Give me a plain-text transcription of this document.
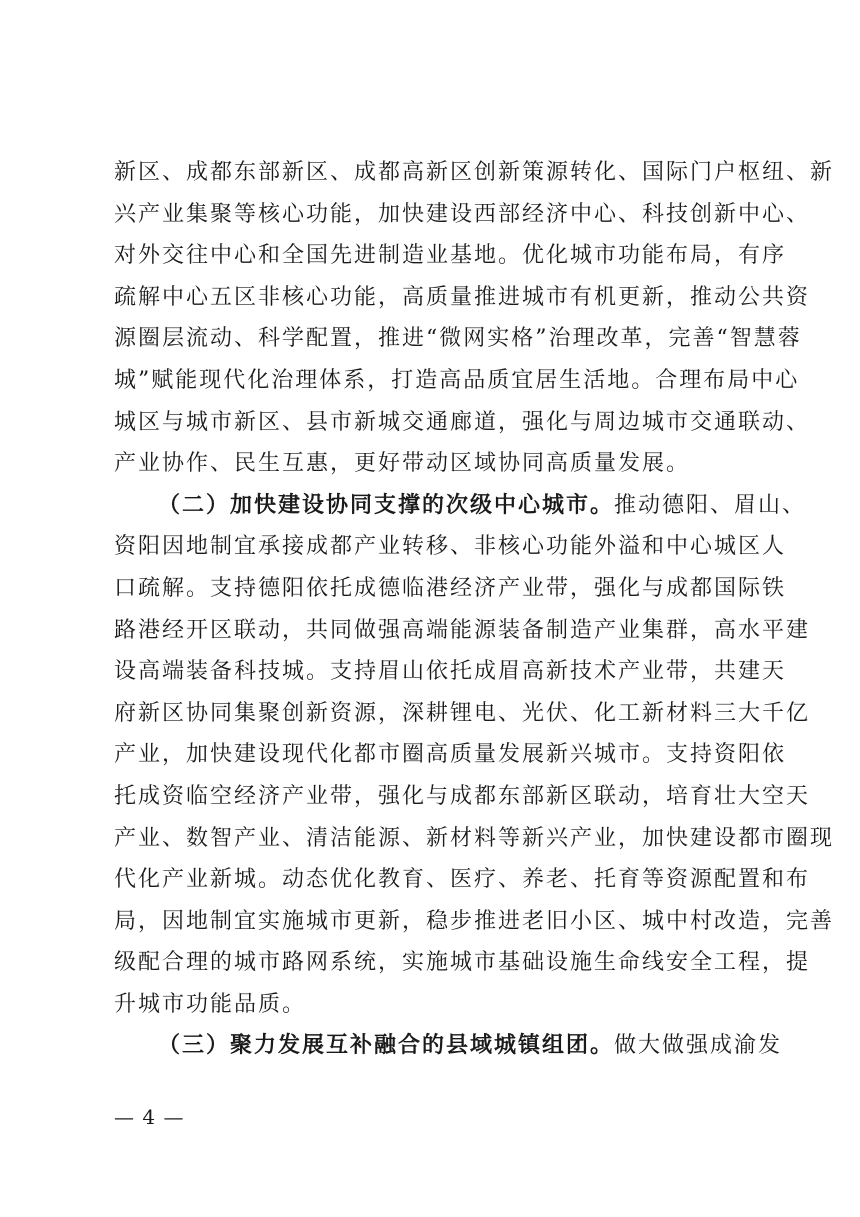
新区、成都东部新区、成都高新区创新策源转化、国际门户枢纽、新
兴产业集聚等核心功能，加快建设西部经济中心、科技创新中心、
对外交往中心和全国先进制造业基地。优化城市功能布局，有序
疏解中心五区非核心功能，高质量推进城市有机更新，推动公共资
源圈层流动、科学配置，推进“微网实格”治理改革，完善“智慧蓉
城”赋能现代化治理体系，打造高品质宜居生活地。合理布局中心
城区与城市新区、县市新城交通廊道，强化与周边城市交通联动、
产业协作、民生互惠，更好带动区域协同高质量发展。
（二）加快建设协同支撑的次级中心城市。推动德阳、眉山、
资阳因地制宜承接成都产业转移、非核心功能外溢和中心城区人
口疏解。支持德阳依托成德临港经济产业带，强化与成都国际铁
路港经开区联动，共同做强高端能源装备制造产业集群，高水平建
设高端装备科技城。支持眉山依托成眉高新技术产业带，共建天
府新区协同集聚创新资源，深耕锂电、光伏、化工新材料三大千亿
产业，加快建设现代化都市圈高质量发展新兴城市。支持资阳依
托成资临空经济产业带，强化与成都东部新区联动，培育壮大空天
产业、数智产业、清洁能源、新材料等新兴产业，加快建设都市圈现
代化产业新城。动态优化教育、医疗、养老、托育等资源配置和布
局，因地制宜实施城市更新，稳步推进老旧小区、城中村改造，完善
级配合理的城市路网系统，实施城市基础设施生命线安全工程，提
升城市功能品质。
（三）聚力发展互补融合的县域城镇组团。做大做强成渝发
— 4 —
